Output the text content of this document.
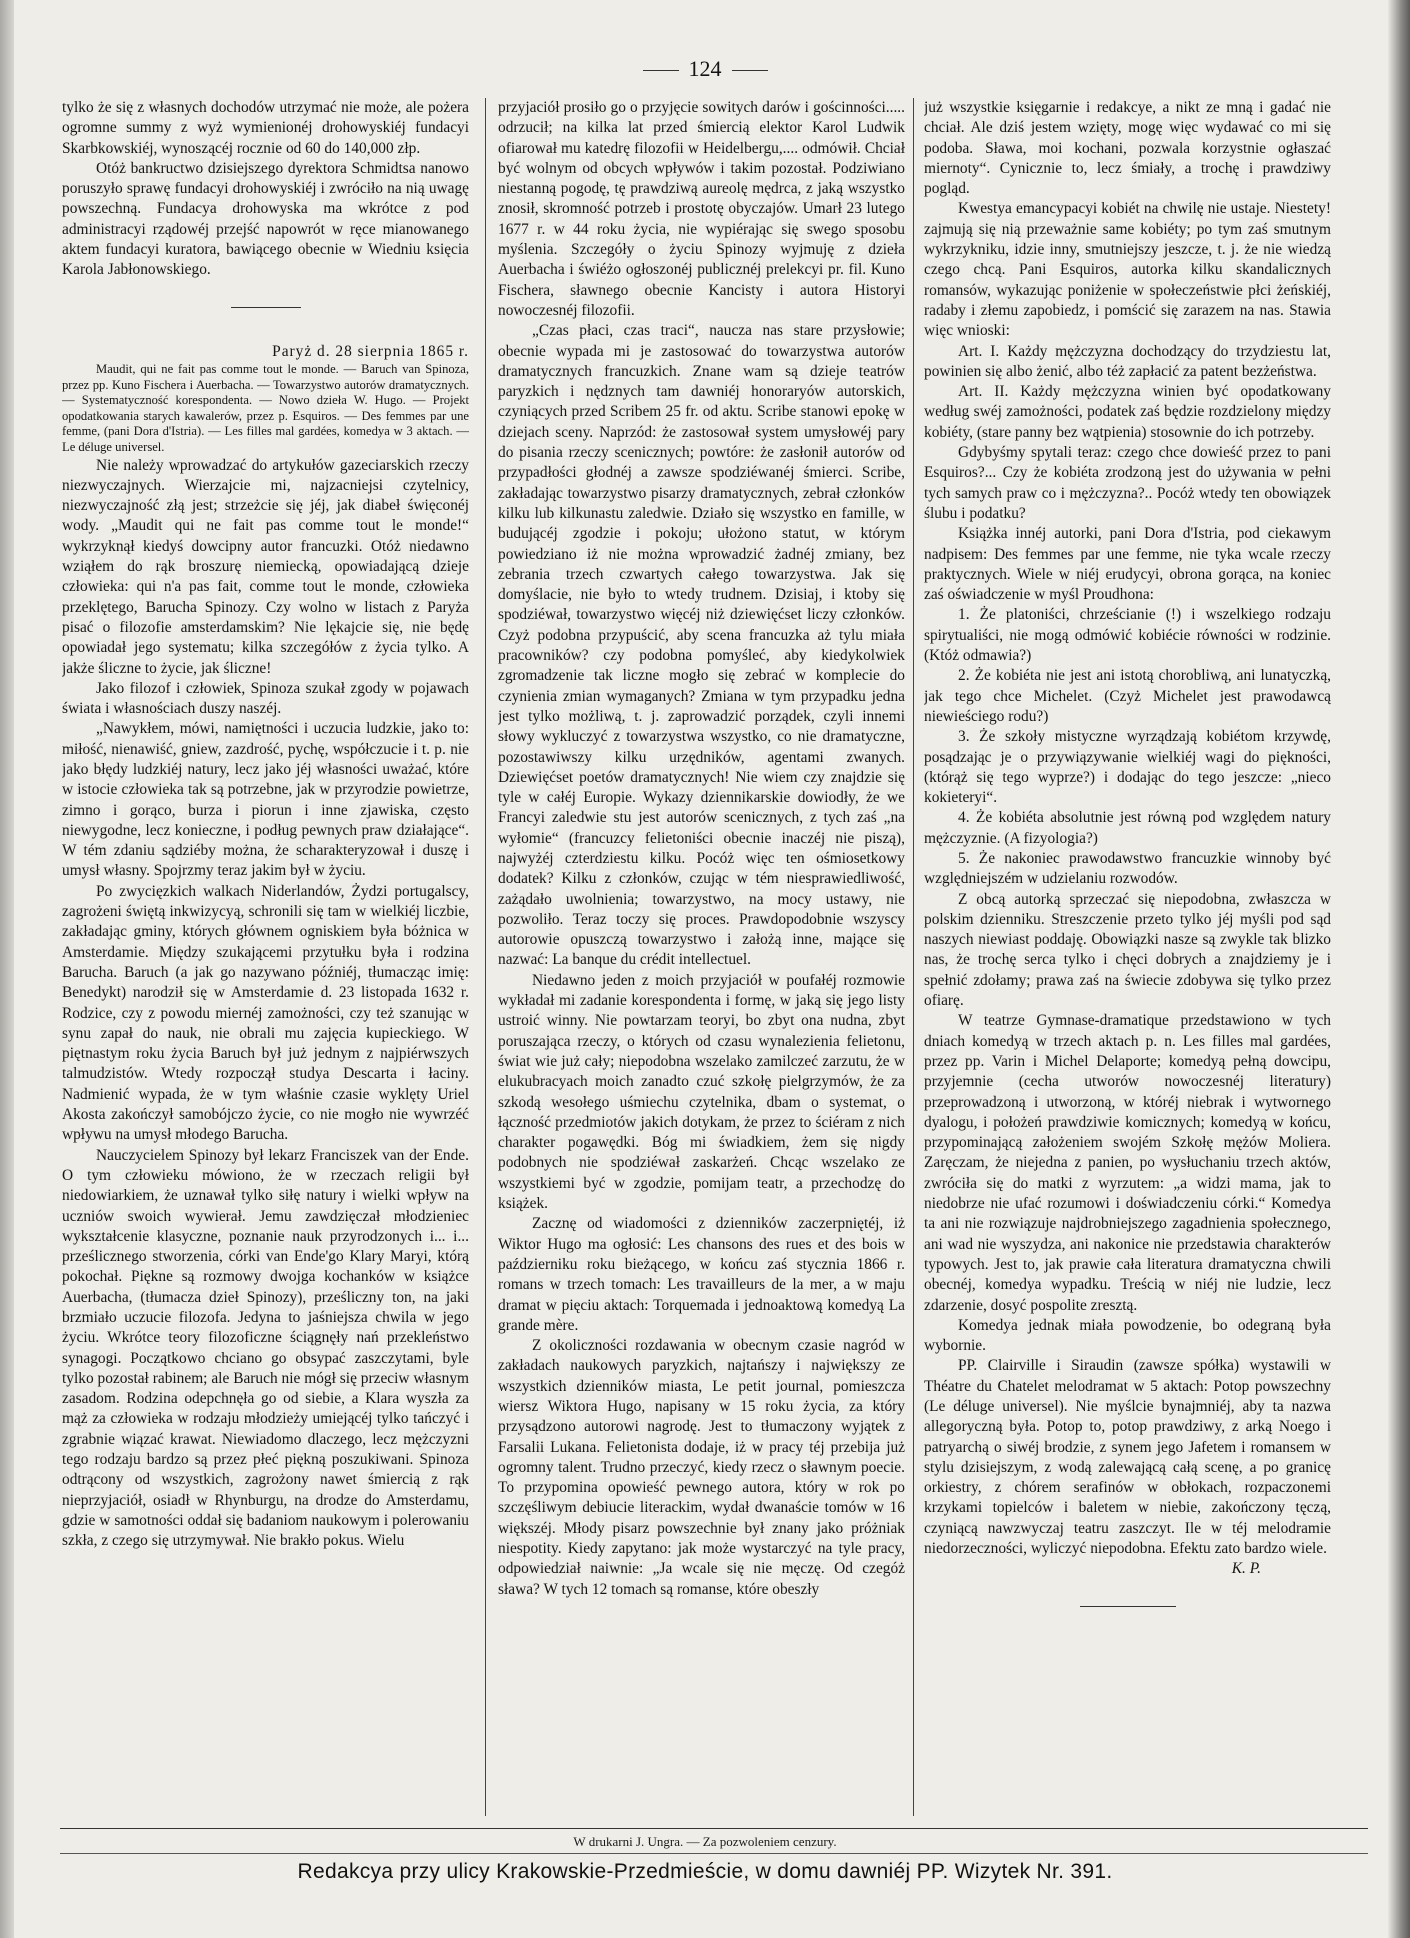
124

tylko że się z własnych dochodów utrzymać nie może, ale pożera ogromne summy z wyż wymienionéj drohowyskiéj fundacyi Skarbkowskiéj, wynoszącéj rocznie od 60 do 140,000 złp.

Otóż bankructwo dzisiejszego dyrektora Schmidtsa nanowo poruszyło sprawę fundacyi drohowyskiéj i zwróciło na nią uwagę powszechną. Fundacya drohowyska ma wkrótce z pod administracyi rządowéj przejść napowrót w ręce mianowanego aktem fundacyi kuratora, bawiącego obecnie w Wiedniu księcia Karola Jabłonowskiego.

Paryż d. 28 sierpnia 1865 r.

Maudit, qui ne fait pas comme tout le monde. — Baruch van Spinoza, przez pp. Kuno Fischera i Auerbacha. — Towarzystwo autorów dramatycznych. — Systematyczność korespondenta. — Nowo dzieła W. Hugo. — Projekt opodatkowania starych kawalerów, przez p. Esquiros. — Des femmes par une femme, (pani Dora d'Istria). — Les filles mal gardées, komedya w 3 aktach. — Le déluge universel.

Nie należy wprowadzać do artykułów gazeciarskich rzeczy niezwyczajnych. Wierzajcie mi, najzacniejsi czytelnicy, niezwyczajność złą jest; strzeżcie się jéj, jak diabeł święconéj wody. „Maudit qui ne fait pas comme tout le monde!“ wykrzyknął kiedyś dowcipny autor francuzki. Otóż niedawno wziąłem do rąk broszurę niemiecką, opowiadającą dzieje człowieka: qui n'a pas fait, comme tout le monde, człowieka przeklętego, Barucha Spinozy. Czy wolno w listach z Paryża pisać o filozofie amsterdamskim? Nie lękajcie się, nie będę opowiadał jego systematu; kilka szczegółów z życia tylko. A jakże śliczne to życie, jak śliczne!

Jako filozof i człowiek, Spinoza szukał zgody w pojawach świata i własnościach duszy naszéj.

„Nawykłem, mówi, namiętności i uczucia ludzkie, jako to: miłość, nienawiść, gniew, zazdrość, pychę, współczucie i t. p. nie jako błędy ludzkiéj natury, lecz jako jéj własności uważać, które w istocie człowieka tak są potrzebne, jak w przyrodzie powietrze, zimno i gorąco, burza i piorun i inne zjawiska, często niewygodne, lecz konieczne, i podług pewnych praw działające“. W tém zdaniu sądziéby można, że scharakteryzował i duszę i umysł własny. Spojrzmy teraz jakim był w życiu.

Po zwycięzkich walkach Niderlandów, Żydzi portugalscy, zagrożeni świętą inkwizycyą, schronili się tam w wielkiéj liczbie, zakładając gminy, których głównem ogniskiem była bóżnica w Amsterdamie. Między szukającemi przytułku była i rodzina Barucha. Baruch (a jak go nazywano późniéj, tłumacząc imię: Benedykt) narodził się w Amsterdamie d. 23 listopada 1632 r. Rodzice, czy z powodu miernéj zamożności, czy też szanując w synu zapał do nauk, nie obrali mu zajęcia kupieckiego. W piętnastym roku życia Baruch był już jednym z najpiérwszych talmudzistów. Wtedy rozpoczął studya Descarta i łaciny. Nadmienić wypada, że w tym właśnie czasie wyklęty Uriel Akosta zakończył samobójczo życie, co nie mogło nie wywrzéć wpływu na umysł młodego Barucha.

Nauczycielem Spinozy był lekarz Franciszek van der Ende. O tym człowieku mówiono, że w rzeczach religii był niedowiarkiem, że uznawał tylko siłę natury i wielki wpływ na uczniów swoich wywierał. Jemu zawdzięczał młodzieniec wykształcenie klasyczne, poznanie nauk przyrodzonych i... i... prześlicznego stworzenia, córki van Ende'go Klary Maryi, którą pokochał. Piękne są rozmowy dwojga kochanków w książce Auerbacha, (tłumacza dzieł Spinozy), prześliczny ton, na jaki brzmiało uczucie filozofa. Jedyna to jaśniejsza chwila w jego życiu. Wkrótce teory filozoficzne ściągnęły nań przekleństwo synagogi. Początkowo chciano go obsypać zaszczytami, byle tylko pozostał rabinem; ale Baruch nie mógł się przeciw własnym zasadom. Rodzina odepchnęła go od siebie, a Klara wyszła za mąż za człowieka w rodzaju młodzieży umiejącéj tylko tańczyć i zgrabnie wiązać krawat. Niewiadomo dlaczego, lecz mężczyzni tego rodzaju bardzo są przez płeć piękną poszukiwani. Spinoza odtrącony od wszystkich, zagrożony nawet śmiercią z rąk nieprzyjaciół, osiadł w Rhynburgu, na drodze do Amsterdamu, gdzie w samotności oddał się badaniom naukowym i polerowaniu szkła, z czego się utrzymywał. Nie brakło pokus. Wielu

przyjaciół prosiło go o przyjęcie sowitych darów i gościnności..... odrzucił; na kilka lat przed śmiercią elektor Karol Ludwik ofiarował mu katedrę filozofii w Heidelbergu,.... odmówił. Chciał być wolnym od obcych wpływów i takim pozostał. Podziwiano niestanną pogodę, tę prawdziwą aureolę mędrca, z jaką wszystko znosił, skromność potrzeb i prostotę obyczajów. Umarł 23 lutego 1677 r. w 44 roku życia, nie wypiérając się swego sposobu myślenia. Szczegóły o życiu Spinozy wyjmuję z dzieła Auerbacha i świéżo ogłoszonéj publicznéj prelekcyi pr. fil. Kuno Fischera, sławnego obecnie Kancisty i autora Historyi nowoczesnéj filozofii.

„Czas płaci, czas traci“, naucza nas stare przysłowie; obecnie wypada mi je zastosować do towarzystwa autorów dramatycznych francuzkich. Znane wam są dzieje teatrów paryzkich i nędznych tam dawniéj honoraryów autorskich, czyniących przed Scribem 25 fr. od aktu. Scribe stanowi epokę w dziejach sceny. Naprzód: że zastosował system umysłowéj pary do pisania rzeczy scenicznych; powtóre: że zasłonił autorów od przypadłości głodnéj a zawsze spodziéwanéj śmierci. Scribe, zakładając towarzystwo pisarzy dramatycznych, zebrał członków kilku lub kilkunastu zaledwie. Działo się wszystko en famille, w budującéj zgodzie i pokoju; ułożono statut, w którym powiedziano iż nie można wprowadzić żadnéj zmiany, bez zebrania trzech czwartych całego towarzystwa. Jak się domyślacie, nie było to wtedy trudnem. Dzisiaj, i ktoby się spodziéwał, towarzystwo więcéj niż dziewięćset liczy członków. Czyż podobna przypuścić, aby scena francuzka aż tylu miała pracowników? czy podobna pomyśleć, aby kiedykolwiek zgromadzenie tak liczne mogło się zebrać w komplecie do czynienia zmian wymaganych? Zmiana w tym przypadku jedna jest tylko możliwą, t. j. zaprowadzić porządek, czyli innemi słowy wykluczyć z towarzystwa wszystko, co nie dramatyczne, pozostawiwszy kilku urzędników, agentami zwanych. Dziewięćset poetów dramatycznych! Nie wiem czy znajdzie się tyle w całéj Europie. Wykazy dziennikarskie dowiodły, że we Francyi zaledwie stu jest autorów scenicznych, z tych zaś „na wyłomie“ (francuzcy felietoniści obecnie inaczéj nie piszą), najwyżéj czterdziestu kilku. Pocóż więc ten ośmiosetkowy dodatek? Kilku z członków, czując w tém niesprawiedliwość, zażądało uwolnienia; towarzystwo, na mocy ustawy, nie pozwoliło. Teraz toczy się proces. Prawdopodobnie wszyscy autorowie opuszczą towarzystwo i założą inne, mające się nazwać: La banque du crédit intellectuel.

Niedawno jeden z moich przyjaciół w poufałéj rozmowie wykładał mi zadanie korespondenta i formę, w jaką się jego listy ustroić winny. Nie powtarzam teoryi, bo zbyt ona nudna, zbyt poruszająca rzeczy, o których od czasu wynalezienia felietonu, świat wie już cały; niepodobna wszelako zamilczeć zarzutu, że w elukubracyach moich zanadto czuć szkołę pielgrzymów, że za szkodą wesołego uśmiechu czytelnika, dbam o systemat, o łączność przedmiotów jakich dotykam, że przez to ściéram z nich charakter pogawędki. Bóg mi świadkiem, żem się nigdy podobnych nie spodziéwał zaskarżeń. Chcąc wszelako ze wszystkiemi być w zgodzie, pomijam teatr, a przechodzę do książek.

Zacznę od wiadomości z dzienników zaczerpniętéj, iż Wiktor Hugo ma ogłosić: Les chansons des rues et des bois w październiku roku bieżącego, w końcu zaś stycznia 1866 r. romans w trzech tomach: Les travailleurs de la mer, a w maju dramat w pięciu aktach: Torquemada i jednoaktową komedyą La grande mère.

Z okoliczności rozdawania w obecnym czasie nagród w zakładach naukowych paryzkich, najtańszy i największy ze wszystkich dzienników miasta, Le petit journal, pomieszcza wiersz Wiktora Hugo, napisany w 15 roku życia, za który przysądzono autorowi nagrodę. Jest to tłumaczony wyjątek z Farsalii Lukana. Felietonista dodaje, iż w pracy téj przebija już ogromny talent. Trudno przeczyć, kiedy rzecz o sławnym poecie. To przypomina opowieść pewnego autora, który w rok po szczęśliwym debiucie literackim, wydał dwanaście tomów w 16 większéj. Młody pisarz powszechnie był znany jako próżniak niespotity. Kiedy zapytano: jak może wystarczyć na tyle pracy, odpowiedział naiwnie: „Ja wcale się nie męczę. Od czegóż sława? W tych 12 tomach są romanse, które obeszły

już wszystkie księgarnie i redakcye, a nikt ze mną i gadać nie chciał. Ale dziś jestem wzięty, mogę więc wydawać co mi się podoba. Sława, moi kochani, pozwala korzystnie ogłaszać miernoty“. Cynicznie to, lecz śmiały, a trochę i prawdziwy pogląd.

Kwestya emancypacyi kobiét na chwilę nie ustaje. Niestety! zajmują się nią przeważnie same kobiéty; po tym zaś smutnym wykrzykniku, idzie inny, smutniejszy jeszcze, t. j. że nie wiedzą czego chcą. Pani Esquiros, autorka kilku skandalicznych romansów, wykazując poniżenie w społeczeństwie płci żeńskiéj, radaby i złemu zapobiedz, i pomścić się zarazem na nas. Stawia więc wnioski:

Art. I. Każdy mężczyzna dochodzący do trzydziestu lat, powinien się albo żenić, albo téż zapłacić za patent bezżeństwa.

Art. II. Każdy mężczyzna winien być opodatkowany według swéj zamożności, podatek zaś będzie rozdzielony między kobiéty, (stare panny bez wątpienia) stosownie do ich potrzeby.

Gdybyśmy spytali teraz: czego chce dowieść przez to pani Esquiros?... Czy że kobiéta zrodzoną jest do używania w pełni tych samych praw co i mężczyzna?.. Pocóż wtedy ten obowiązek ślubu i podatku?

Książka innéj autorki, pani Dora d'Istria, pod ciekawym nadpisem: Des femmes par une femme, nie tyka wcale rzeczy praktycznych. Wiele w niéj erudycyi, obrona gorąca, na koniec zaś oświadczenie w myśl Proudhona:

1. Że platoniści, chrześcianie (!) i wszelkiego rodzaju spirytualiści, nie mogą odmówić kobiécie równości w rodzinie. (Któż odmawia?)

2. Że kobiéta nie jest ani istotą chorobliwą, ani lunatyczką, jak tego chce Michelet. (Czyż Michelet jest prawodawcą niewieściego rodu?)

3. Że szkoły mistyczne wyrządzają kobiétom krzywdę, posądzając je o przywiązywanie wielkiéj wagi do piękności, (którąż się tego wyprze?) i dodając do tego jeszcze: „nieco kokieteryi“.

4. Że kobiéta absolutnie jest równą pod względem natury mężczyznie. (A fizyologia?)

5. Że nakoniec prawodawstwo francuzkie winnoby być względniejszém w udzielaniu rozwodów.

Z obcą autorką sprzeczać się niepodobna, zwłaszcza w polskim dzienniku. Streszczenie przeto tylko jéj myśli pod sąd naszych niewiast poddaję. Obowiązki nasze są zwykle tak blizko nas, że trochę serca tylko i chęci dobrych a znajdziemy je i spełnić zdołamy; prawa zaś na świecie zdobywa się tylko przez ofiarę.

W teatrze Gymnase-dramatique przedstawiono w tych dniach komedyą w trzech aktach p. n. Les filles mal gardées, przez pp. Varin i Michel Delaporte; komedyą pełną dowcipu, przyjemnie (cecha utworów nowoczesnéj literatury) przeprowadzoną i utworzoną, w któréj niebrak i wytwornego dyalogu, i położeń prawdziwie komicznych; komedyą w końcu, przypominającą założeniem swojém Szkołę mężów Moliera. Zaręczam, że niejedna z panien, po wysłuchaniu trzech aktów, zwróciła się do matki z wyrzutem: „a widzi mama, jak to niedobrze nie ufać rozumowi i doświadczeniu córki.“ Komedya ta ani nie rozwiązuje najdrobniejszego zagadnienia społecznego, ani wad nie wyszydza, ani nakonice nie przedstawia charakterów typowych. Jest to, jak prawie cała literatura dramatyczna chwili obecnéj, komedya wypadku. Treścią w niéj nie ludzie, lecz zdarzenie, dosyć pospolite zresztą.

Komedya jednak miała powodzenie, bo odegraną była wybornie.

PP. Clairville i Siraudin (zawsze spółka) wystawili w Théatre du Chatelet melodramat w 5 aktach: Potop powszechny (Le déluge universel). Nie myślcie bynajmniéj, aby ta nazwa allegoryczną była. Potop to, potop prawdziwy, z arką Noego i patryarchą o siwéj brodzie, z synem jego Jafetem i romansem w stylu dzisiejszym, z wodą zalewającą całą scenę, a po granicę orkiestry, z chórem serafinów w obłokach, rozpaczonemi krzykami topielców i baletem w niebie, zakończony tęczą, czyniącą nawzwyczaj teatru zaszczyt. Ile w téj melodramie niedorzeczności, wyliczyć niepodobna. Efektu zato bardzo wiele.

K. P.

W drukarni J. Ungra. — Za pozwoleniem cenzury.
Redakcya przy ulicy Krakowskie-Przedmieście, w domu dawniéj PP. Wizytek Nr. 391.
